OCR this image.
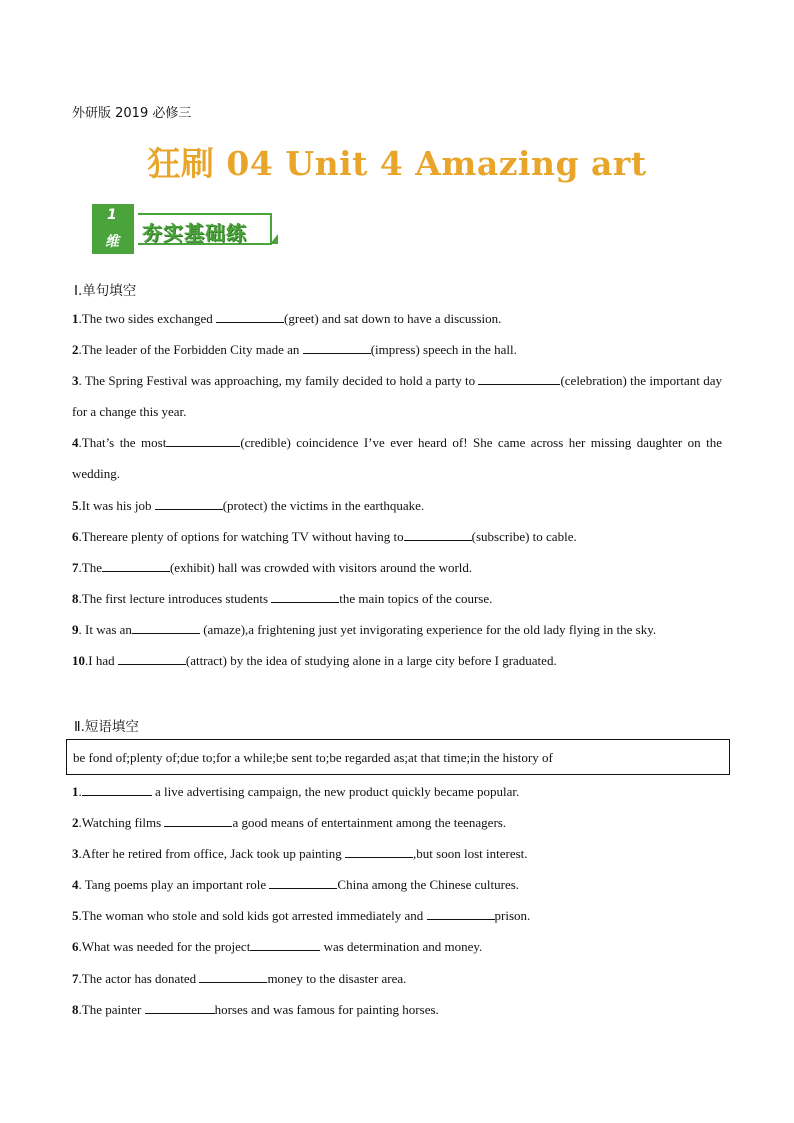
外研版 2019 必修三
狂刷 04 Unit 4 Amazing art
1
维 夯实基础练
Ⅰ.单句填空
1.The two sides exchanged	(greet) and sat down to have a discussion.
2.The leader of the Forbidden City made an	(impress) speech in the hall.
3. The Spring Festival was approaching, my family decided to hold a party to	(celebration) the important day for a change this year.
4.That’s the most	(credible) coincidence I’ve ever heard of! She came across her missing daughter on the wedding.
5.It was his job	(protect) the victims in the earthquake.
6.Thereare plenty of options for watching TV without having to	(subscribe) to cable.
7.The	(exhibit) hall was crowded with visitors around the world.
8.The first lecture introduces students	the main topics of the course.
9. It was an	(amaze),a frightening just yet invigorating experience for the old lady flying in the sky.
10.I had	(attract) by the idea of studying alone in a large city before I graduated.
Ⅱ.短语填空
be fond of;plenty of;due to;for a while;be sent to;be regarded as;at that time;in the history of
1.	a live advertising campaign, the new product quickly became popular.
2.Watching films	a good means of entertainment among the teenagers.
3.After he retired from office, Jack took up painting	,but soon lost interest.
4. Tang poems play an important role	China among the Chinese cultures.
5.The woman who stole and sold kids got arrested immediately and	prison.
6.What was needed for the project	was determination and money.
7.The actor has donated	money to the disaster area.
8.The painter	horses and was famous for painting horses.
